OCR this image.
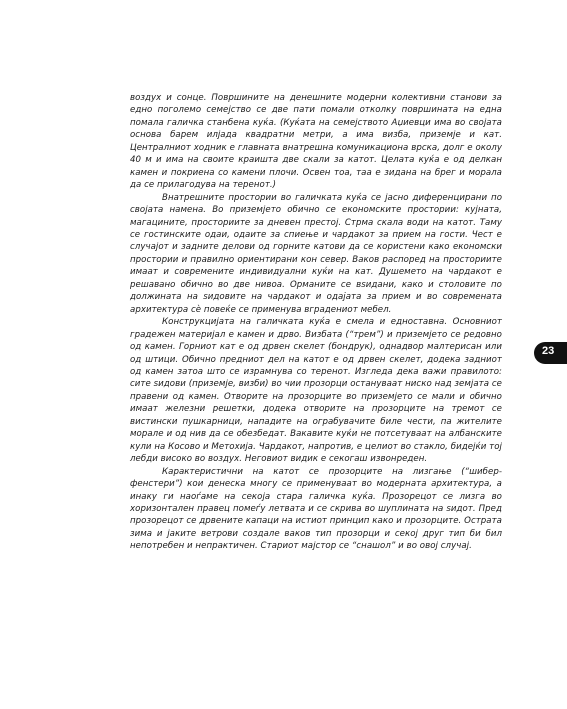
воздух и сонце. Површините на денешните модерни колективни станови за едно поголемо семејство се две пати помали отколку површината на една помала галичка станбена куќа. (Куќата на семејството Аџиевци има во својата основа барем илјада квадратни метри, а има визба, приземје и кат. Централниот ходник е главната внатрешна комуникациона врска, долг е околу 40 м и има на своите краишта две скали за катот. Целата куќа е од делкан камен и покриена со камени плочи. Освен тоа, таа е зидана на брег и морала да се прилагодува на теренот.)

Внатрешните простории во галичката куќа се јасно диференцирани по својата намена. Во приземјето обично се економските простории: кујната, магацините, просториите за дневен престој. Стрмa скала води на катот. Таму се гостинските одаи, одаите за спиење и чардакот за прием на гости. Чест е случајот и задните делови од горните катови да се користени како економски простории и правилно ориентирани кон север. Ваков распоред на просториите имаат и современите индивидуални куќи на кат. Душемето на чардакот е решавано обично во две нивоа. Орманите се вѕидани, како и столовите по должината на ѕидовите на чардакот и одаjата за прием и во современата архитектура сѐ повеќе се применува вградениот мебел.

Конструкцијата на галичката куќа е смела и едноставна. Основниот градежен материјал е камен и дрво. Визбата (“трем”) и приземјето се редовно од камен. Горниот кат е од дрвен скелет (бондрук), однадвор малтерисан или од штици. Обично предниот дел на катот е од дрвен скелет, додека задниот од камен затоа што се израмнува со теренот. Изгледа дека важи правилото: сите ѕидови (приземје, визби) во чии прозорци остануваат ниско над земјата се правени од камен. Отворите на прозорците во приземјето се мали и обично имаат железни решетки, додека отворите на прозорците на тремот се вистински пушкарници, нападите на ограбувачите биле чести, па жителите морале и од нив да се обезбедат. Вакавите куќи не потсетуваат на албанските кули на Косово и Метохија. Чардакот, напротив, е целиот во стакло, бидејќи тој лебди високо во воздух. Неговиот видик е секогаш извонреден.

Карактеристични на катот се прозорците на лизгање (“шибер-фенстери”) кои денеска многу се применуваат во модерната архитектура, а инаку ги наоѓаме на секоја стара галичка куќа. Прозорецот се лизга во хоризонтален правец помеѓу летвата и се скрива во шуплината на ѕидот. Пред прозорецот се дрвените капаци на истиот принцип како и прозорците. Острата зима и јаките ветрови создале ваков тип прозорци и секој друг тип би бил непотребен и непрактичен. Стариот мајстор се “снашол” и во овој случај.

23
